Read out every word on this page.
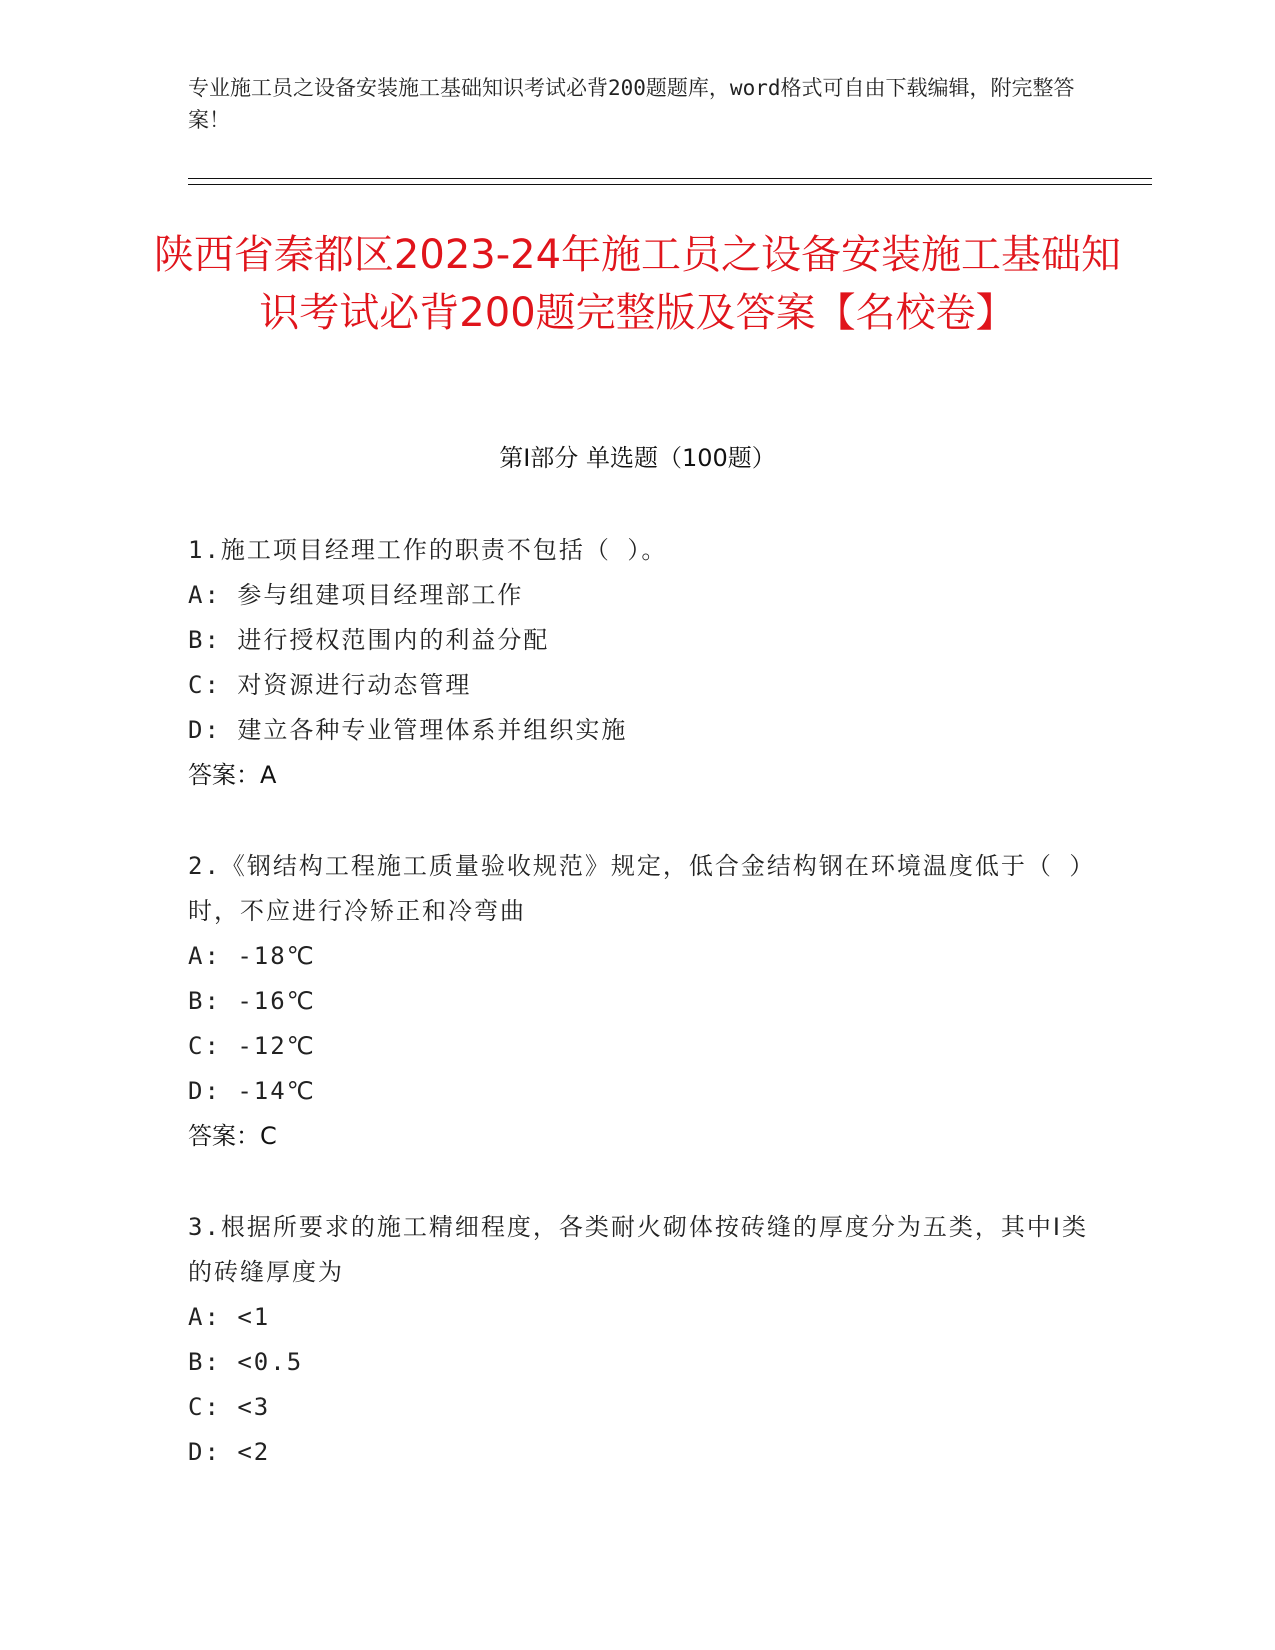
专业施工员之设备安装施工基础知识考试必背200题题库，word格式可自由下载编辑，附完整答案！
陕西省秦都区2023-24年施工员之设备安装施工基础知识考试必背200题完整版及答案【名校卷】
第Ⅰ部分 单选题（100题）
1.施工项目经理工作的职责不包括（ ）。
A: 参与组建项目经理部工作
B: 进行授权范围内的利益分配
C: 对资源进行动态管理
D: 建立各种专业管理体系并组织实施
答案：A
2.《钢结构工程施工质量验收规范》规定，低合金结构钢在环境温度低于（ ）时，不应进行冷矫正和冷弯曲
A: -18℃
B: -16℃
C: -12℃
D: -14℃
答案：C
3.根据所要求的施工精细程度，各类耐火砌体按砖缝的厚度分为五类，其中Ⅰ类的砖缝厚度为
A: <1
B: <0.5
C: <3
D: <2
